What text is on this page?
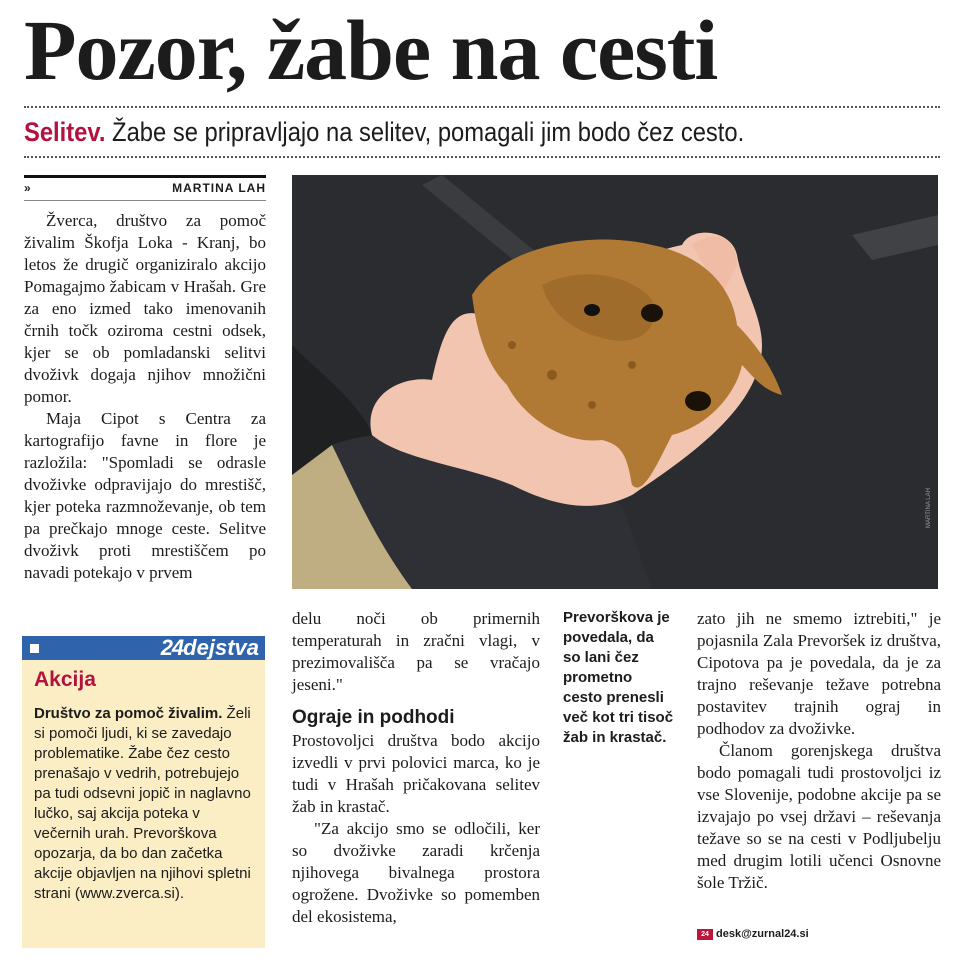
Pozor, žabe na cesti
Selitev. Žabe se pripravljajo na selitev, pomagali jim bodo čez cesto.
»	MARTINA LAH

Žverca, društvo za pomoč živalim Škofja Loka - Kranj, bo letos že drugič organiziralo akcijo Pomagajmo žabicam v Hrašah. Gre za eno izmed tako imenovanih črnih točk oziroma cestni odsek, kjer se ob pomladanski selitvi dvoživk dogaja njihov množični pomor.

Maja Cipot s Centra za kartografijo favne in flore je razložila: "Spomladi se odrasle dvoživke odpravijajo do mrestišč, kjer poteka razmnoževanje, ob tem pa prečkajo mnoge ceste. Selitve dvoživk proti mrestiščem po navadi potekajo v prvem

MARTINA LAH

delu noči ob primernih temperaturah in zračni vlagi, v prezimovališča pa se vračajo jeseni."

Ograje in podhodi

Prostovoljci društva bodo akcijo izvedli v prvi polovici marca, ko je tudi v Hrašah pričakovana selitev žab in krastač.

"Za akcijo smo se odločili, ker so dvoživke zaradi krčenja njihovega bivalnega prostora ogrožene. Dvoživke so pomemben del ekosistema,

Prevorškova je povedala, da so lani čez prometno cesto prenesli več kot tri tisoč žab in krastač.

zato jih ne smemo iztrebiti," je pojasnila Zala Prevoršek iz društva, Cipotova pa je povedala, da je za trajno reševanje težave potrebna postavitev trajnih ograj in podhodov za dvoživke.

Članom gorenjskega društva bodo pomagali tudi prostovoljci iz vse Slovenije, podobne akcije pa se izvajajo po vsej državi – reševanja težave so se na cesti v Podljubelju med drugim lotili učenci Osnovne šole Tržič.

24 desk@zurnal24.si
24dejstva
Akcija
Društvo za pomoč živalim. Želi si pomoči ljudi, ki se zavedajo problematike. Žabe čez cesto prenašajo v vedrih, potrebujejo pa tudi odsevni jopič in naglavno lučko, saj akcija poteka v večernih urah. Prevorškova opozarja, da bo dan začetka akcije objavljen na njihovi spletni strani (www.zverca.si).
